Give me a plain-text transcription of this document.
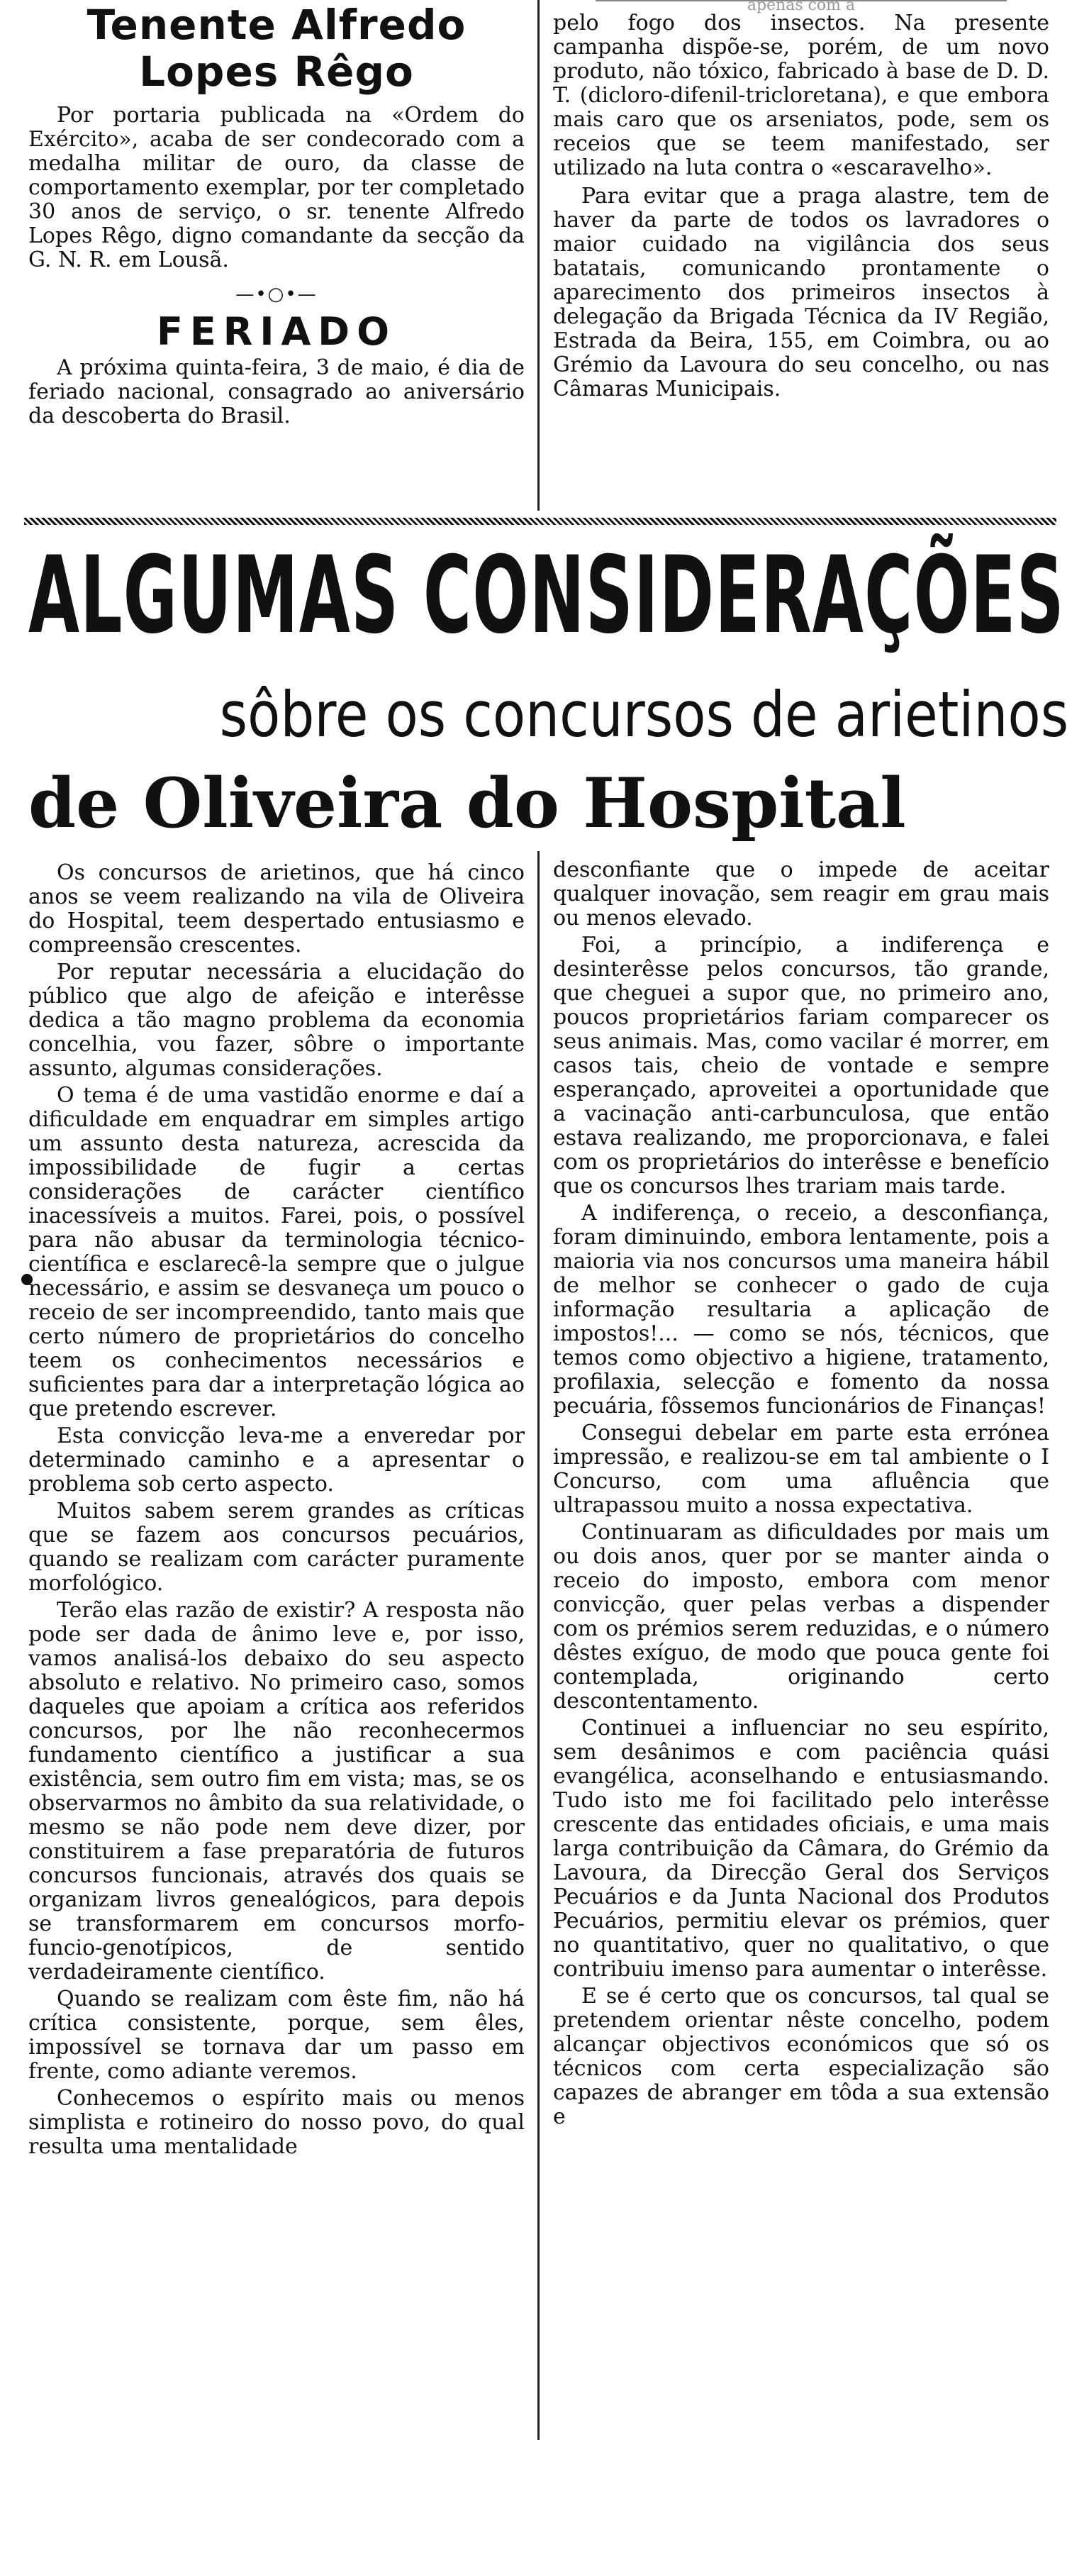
Tenente Alfredo
Lopes Rêgo

Por portaria publicada na «Ordem do Exército», acaba de ser condecorado com a medalha militar de ouro, da classe de comportamento exemplar, por ter completado 30 anos de serviço, o sr. tenente Alfredo Lopes Rêgo, digno comandante da secção da G. N. R. em Lousã.

—•○•—
FERIADO

A próxima quinta-feira, 3 de maio, é dia de feriado nacional, consagrado ao aniversário da descoberta do Brasil.

apenas com a

pelo fogo dos insectos. Na presente campanha dispõe-se, porém, de um novo produto, não tóxico, fabricado à base de D. D. T. (dicloro-difenil-tricloretana), e que embora mais caro que os arseniatos, pode, sem os receios que se teem manifestado, ser utilizado na luta contra o «escaravelho».

Para evitar que a praga alastre, tem de haver da parte de todos os lavradores o maior cuidado na vigilância dos seus batatais, comunicando prontamente o aparecimento dos primeiros insectos à delegação da Brigada Técnica da IV Região, Estrada da Beira, 155, em Coimbra, ou ao Grémio da Lavoura do seu concelho, ou nas Câmaras Municipais.

ALGUMAS CONSIDERAÇÕES
sôbre os concursos de arietinos
de Oliveira do Hospital

Os concursos de arietinos, que há cinco anos se veem realizando na vila de Oliveira do Hospital, teem despertado entusiasmo e compreensão crescentes.

Por reputar necessária a elucidação do público que algo de afeição e interêsse dedica a tão magno problema da economia concelhia, vou fazer, sôbre o importante assunto, algumas considerações.

O tema é de uma vastidão enorme e daí a dificuldade em enquadrar em simples artigo um assunto desta natureza, acrescida da impossibilidade de fugir a certas considerações de carácter científico inacessíveis a muitos. Farei, pois, o possível para não abusar da terminologia técnico-científica e esclarecê-la sempre que o julgue necessário, e assim se desvaneça um pouco o receio de ser incompreendido, tanto mais que certo número de proprietários do concelho teem os conhecimentos necessários e suficientes para dar a interpretação lógica ao que pretendo escrever.

Esta convicção leva-me a enveredar por determinado caminho e a apresentar o problema sob certo aspecto.

Muitos sabem serem grandes as críticas que se fazem aos concursos pecuários, quando se realizam com carácter puramente morfológico.

Terão elas razão de existir? A resposta não pode ser dada de ânimo leve e, por isso, vamos analisá-los debaixo do seu aspecto absoluto e relativo. No primeiro caso, somos daqueles que apoiam a crítica aos referidos concursos, por lhe não reconhecermos fundamento científico a justificar a sua existência, sem outro fim em vista; mas, se os observarmos no âmbito da sua relatividade, o mesmo se não pode nem deve dizer, por constituirem a fase preparatória de futuros concursos funcionais, através dos quais se organizam livros genealógicos, para depois se transformarem em concursos morfo-funcio-genotípicos, de sentido verdadeiramente científico.

Quando se realizam com êste fim, não há crítica consistente, porque, sem êles, impossível se tornava dar um passo em frente, como adiante veremos.

Conhecemos o espírito mais ou menos simplista e rotineiro do nosso povo, do qual resulta uma mentalidade

desconfiante que o impede de aceitar qualquer inovação, sem reagir em grau mais ou menos elevado.

Foi, a princípio, a indiferença e desinterêsse pelos concursos, tão grande, que cheguei a supor que, no primeiro ano, poucos proprietários fariam comparecer os seus animais. Mas, como vacilar é morrer, em casos tais, cheio de vontade e sempre esperançado, aproveitei a oportunidade que a vacinação anti-carbunculosa, que então estava realizando, me proporcionava, e falei com os proprietários do interêsse e benefício que os concursos lhes trariam mais tarde.

A indiferença, o receio, a desconfiança, foram diminuindo, embora lentamente, pois a maioria via nos concursos uma maneira hábil de melhor se conhecer o gado de cuja informação resultaria a aplicação de impostos!... — como se nós, técnicos, que temos como objectivo a higiene, tratamento, profilaxia, selecção e fomento da nossa pecuária, fôssemos funcionários de Finanças!

Consegui debelar em parte esta errónea impressão, e realizou-se em tal ambiente o I Concurso, com uma afluência que ultrapassou muito a nossa expectativa.

Continuaram as dificuldades por mais um ou dois anos, quer por se manter ainda o receio do imposto, embora com menor convicção, quer pelas verbas a dispender com os prémios serem reduzidas, e o número dêstes exíguo, de modo que pouca gente foi contemplada, originando certo descontentamento.

Continuei a influenciar no seu espírito, sem desânimos e com paciência quási evangélica, aconselhando e entusiasmando. Tudo isto me foi facilitado pelo interêsse crescente das entidades oficiais, e uma mais larga contribuição da Câmara, do Grémio da Lavoura, da Direcção Geral dos Serviços Pecuários e da Junta Nacional dos Produtos Pecuários, permitiu elevar os prémios, quer no quantitativo, quer no qualitativo, o que contribuiu imenso para aumentar o interêsse.

E se é certo que os concursos, tal qual se pretendem orientar nêste concelho, podem alcançar objectivos económicos que só os técnicos com certa especialização são capazes de abranger em tôda a sua extensão e
